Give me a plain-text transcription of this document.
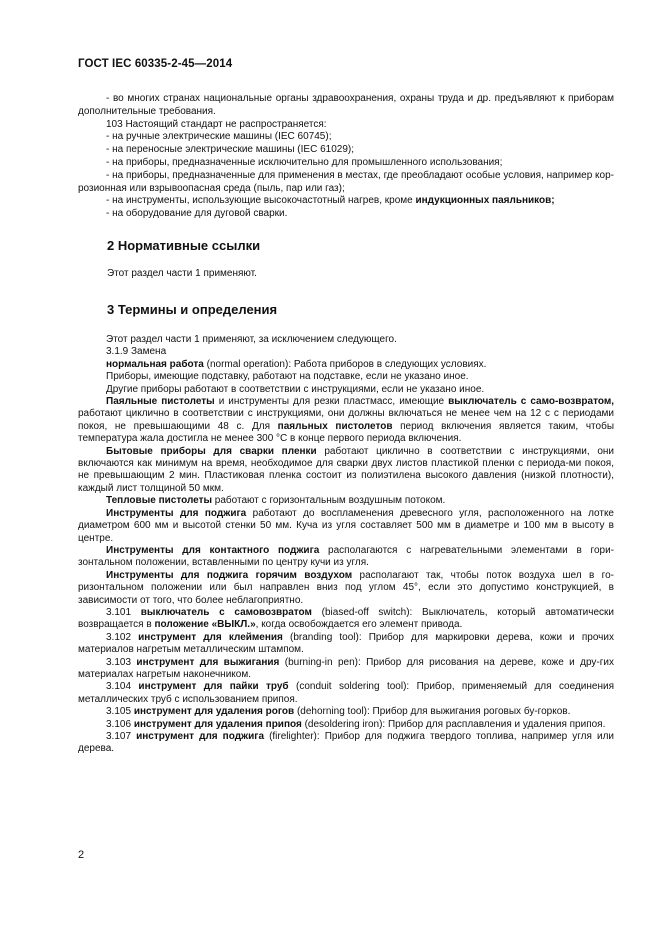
ГОСТ IEC 60335-2-45—2014

- во многих странах национальные органы здравоохранения, охраны труда и др. предъявляют к приборам дополнительные требования.

103 Настоящий стандарт не распространяется:

- на ручные электрические машины (IEC 60745);

- на переносные электрические машины (IEC 61029);

- на приборы, предназначенные исключительно для промышленного использования;

- на приборы, предназначенные для применения в местах, где преобладают особые условия, например кор-розионная или взрывоопасная среда (пыль, пар или газ);

- на инструменты, использующие высокочастотный нагрев, кроме индукционных паяльников;

- на оборудование для дуговой сварки.

2 Нормативные ссылки

Этот раздел части 1 применяют.

3 Термины и определения

Этот раздел части 1 применяют, за исключением следующего.

3.1.9 Замена

нормальная работа (normal operation): Работа приборов в следующих условиях.

Приборы, имеющие подставку, работают на подставке, если не указано иное.

Другие приборы работают в соответствии с инструкциями, если не указано иное.

Паяльные пистолеты и инструменты для резки пластмасс, имеющие выключатель с само-возвратом, работают циклично в соответствии с инструкциями, они должны включаться не менее чем на 12 с с периодами покоя, не превышающими 48 с. Для паяльных пистолетов период включения является таким, чтобы температура жала достигла не менее 300 °С в конце первого периода включения.

Бытовые приборы для сварки пленки работают циклично в соответствии с инструкциями, они включаются как минимум на время, необходимое для сварки двух листов пластикой пленки с периода-ми покоя, не превышающим 2 мин. Пластиковая пленка состоит из полиэтилена высокого давления (низкой плотности), каждый лист толщиной 50 мкм.

Тепловые пистолеты работают с горизонтальным воздушным потоком.

Инструменты для поджига работают до воспламенения древесного угля, расположенного на лотке диаметром 600 мм и высотой стенки 50 мм. Куча из угля составляет 500 мм в диаметре и 100 мм в высоту в центре.

Инструменты для контактного поджига располагаются с нагревательными элементами в гори-зонтальном положении, вставленными по центру кучи из угля.

Инструменты для поджига горячим воздухом располагают так, чтобы поток воздуха шел в го-ризонтальном положении или был направлен вниз под углом 45°, если это допустимо конструкцией, в зависимости от того, что более неблагоприятно.

3.101 выключатель с самовозвратом (biased-off switch): Выключатель, который автоматически возвращается в положение «ВЫКЛ.», когда освобождается его элемент привода.

3.102 инструмент для клеймения (branding tool): Прибор для маркировки дерева, кожи и прочих материалов нагретым металлическим штампом.

3.103 инструмент для выжигания (burning-in pen): Прибор для рисования на дереве, коже и дру-гих материалах нагретым наконечником.

3.104 инструмент для пайки труб (conduit soldering tool): Прибор, применяемый для соединения металлических труб с использованием припоя.

3.105 инструмент для удаления рогов (dehorning tool): Прибор для выжигания роговых бу-горков.

3.106 инструмент для удаления припоя (desoldering iron): Прибор для расплавления и удаления припоя.

3.107 инструмент для поджига (firelighter): Прибор для поджига твердого топлива, например угля или дерева.

2
